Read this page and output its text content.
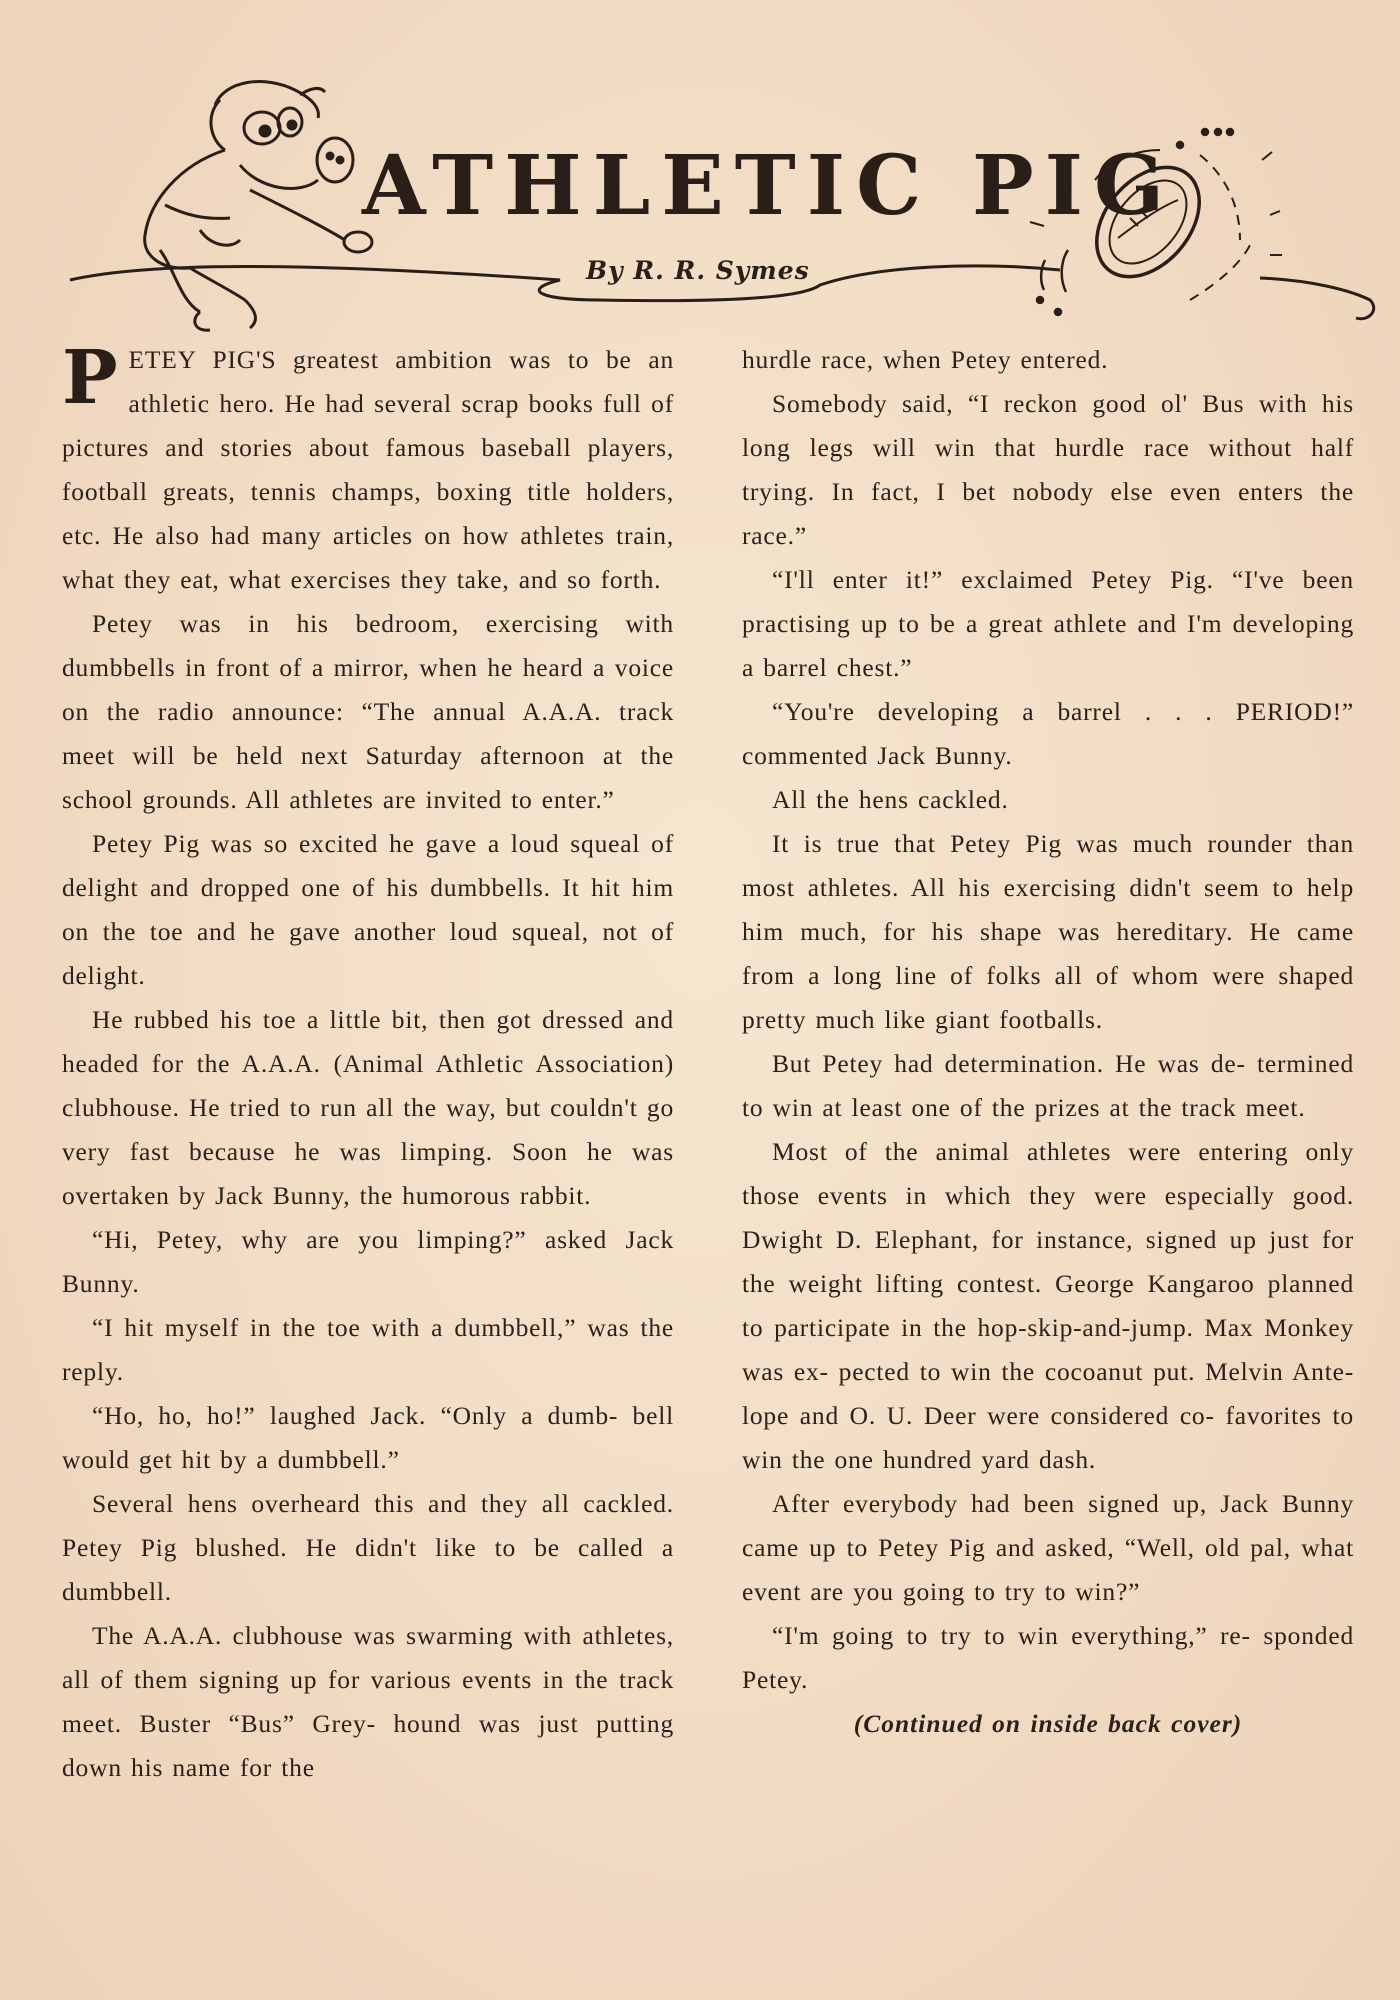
ATHLETIC PIG
By R. R. Symes

PETEY PIG'S greatest ambition was to be an athletic hero. He had several scrap books full of pictures and stories about famous baseball players, football greats, tennis champs, boxing title holders, etc. He also had many articles on how athletes train, what they eat, what exercises they take, and so forth.

Petey was in his bedroom, exercising with dumbbells in front of a mirror, when he heard a voice on the radio announce: “The annual A.A.A. track meet will be held next Saturday afternoon at the school grounds. All athletes are invited to enter.”

Petey Pig was so excited he gave a loud squeal of delight and dropped one of his dumbbells. It hit him on the toe and he gave another loud squeal, not of delight.

He rubbed his toe a little bit, then got dressed and headed for the A.A.A. (Animal Athletic Association) clubhouse. He tried to run all the way, but couldn't go very fast because he was limping. Soon he was overtaken by Jack Bunny, the humorous rabbit.

“Hi, Petey, why are you limping?” asked Jack Bunny.

“I hit myself in the toe with a dumbbell,” was the reply.

“Ho, ho, ho!” laughed Jack. “Only a dumb- bell would get hit by a dumbbell.”

Several hens overheard this and they all cackled. Petey Pig blushed. He didn't like to be called a dumbbell.

The A.A.A. clubhouse was swarming with athletes, all of them signing up for various events in the track meet. Buster “Bus” Grey- hound was just putting down his name for the

hurdle race, when Petey entered.

Somebody said, “I reckon good ol' Bus with his long legs will win that hurdle race without half trying. In fact, I bet nobody else even enters the race.”

“I'll enter it!” exclaimed Petey Pig. “I've been practising up to be a great athlete and I'm developing a barrel chest.”

“You're developing a barrel . . . PERIOD!” commented Jack Bunny.

All the hens cackled.

It is true that Petey Pig was much rounder than most athletes. All his exercising didn't seem to help him much, for his shape was hereditary. He came from a long line of folks all of whom were shaped pretty much like giant footballs.

But Petey had determination. He was de- termined to win at least one of the prizes at the track meet.

Most of the animal athletes were entering only those events in which they were especially good. Dwight D. Elephant, for instance, signed up just for the weight lifting contest. George Kangaroo planned to participate in the hop-skip-and-jump. Max Monkey was ex- pected to win the cocoanut put. Melvin Ante- lope and O. U. Deer were considered co- favorites to win the one hundred yard dash.

After everybody had been signed up, Jack Bunny came up to Petey Pig and asked, “Well, old pal, what event are you going to try to win?”

“I'm going to try to win everything,” re- sponded Petey.

(Continued on inside back cover)
